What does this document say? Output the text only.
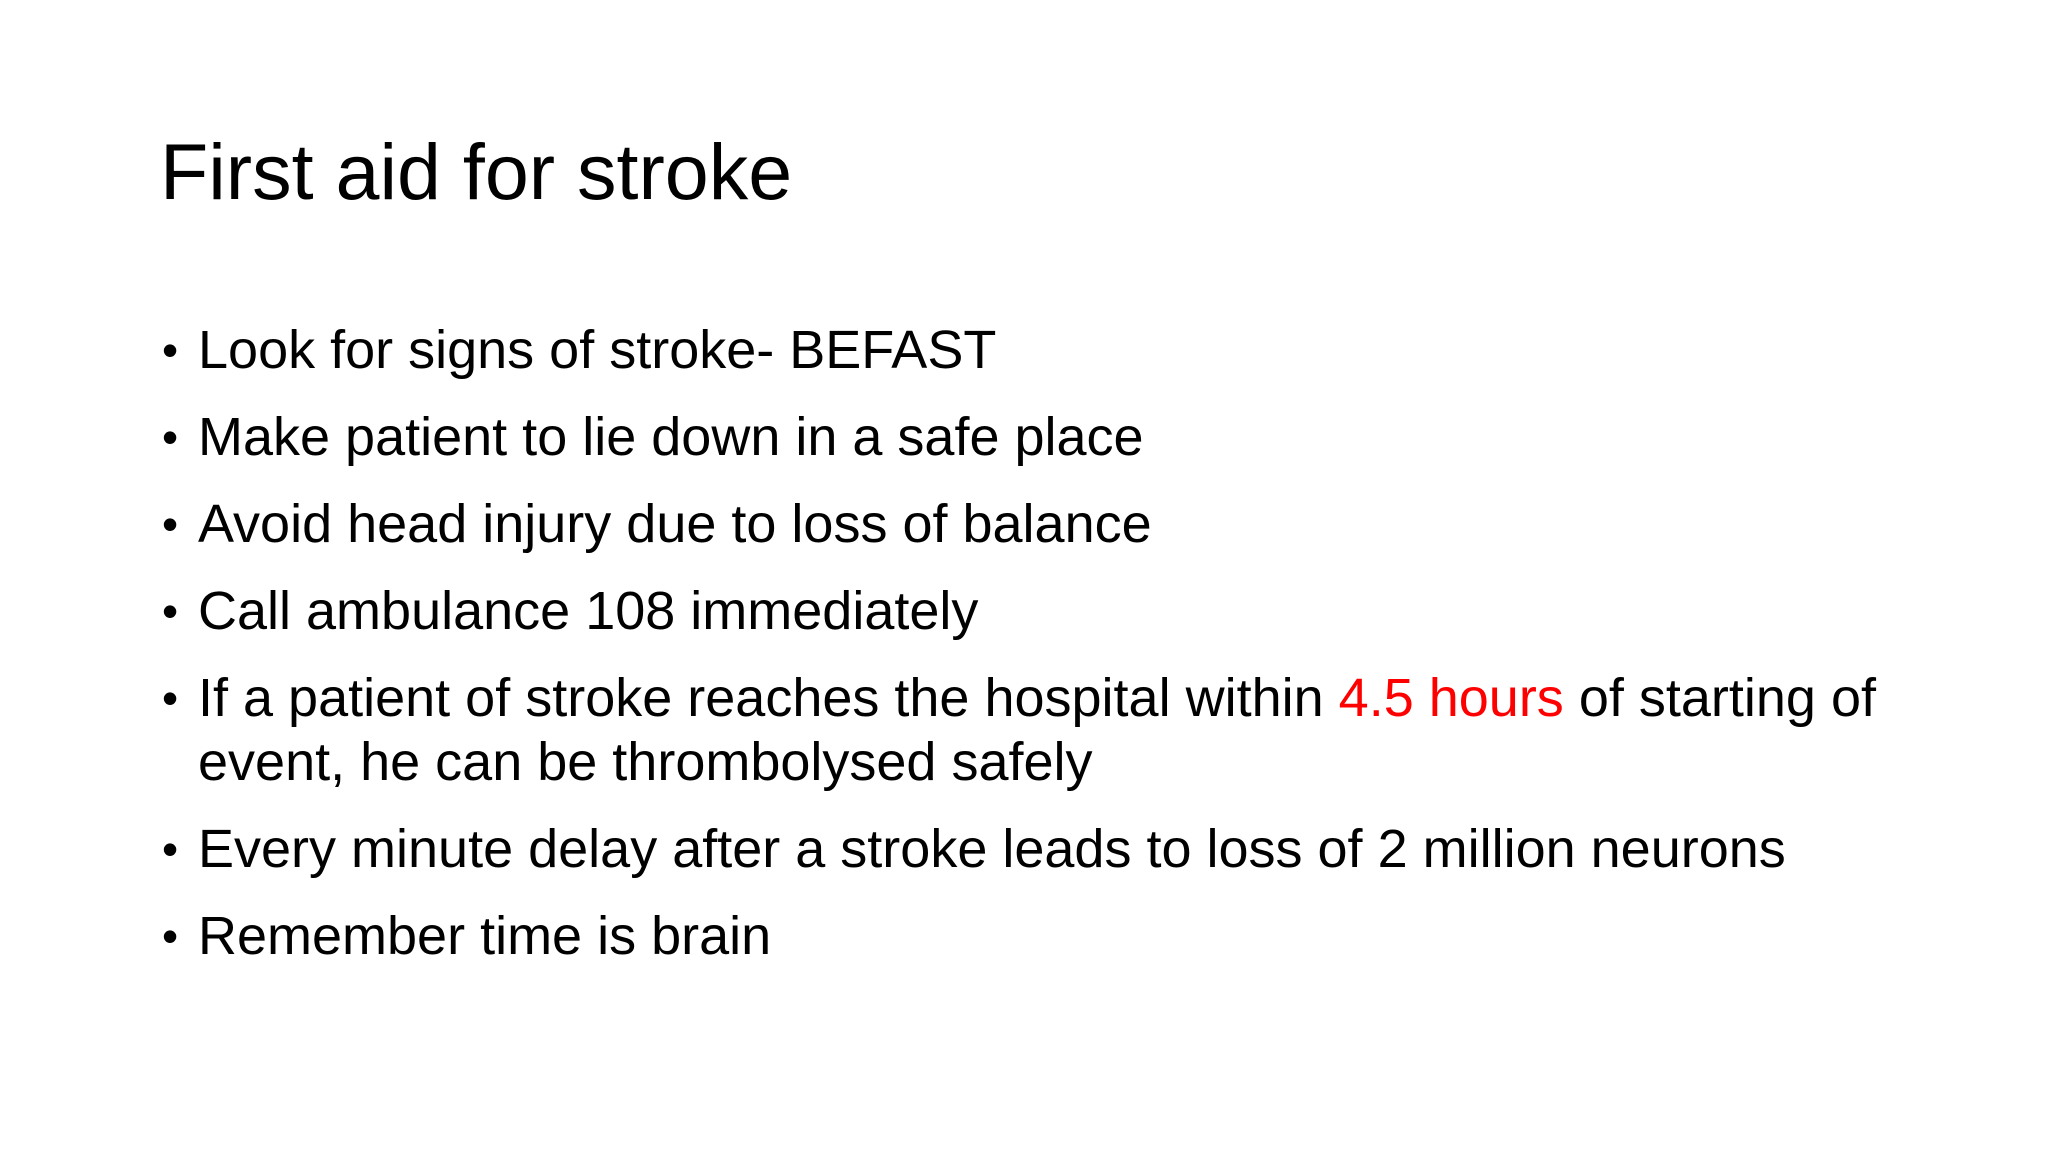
First aid for stroke
• Look for signs of stroke- BEFAST
• Make patient to lie down in a safe place
• Avoid head injury due to loss of balance
• Call ambulance 108 immediately
• If a patient of stroke reaches the hospital within 4.5 hours of starting of event, he can be thrombolysed safely
• Every minute delay after a stroke leads to loss of 2 million neurons
• Remember time is brain
